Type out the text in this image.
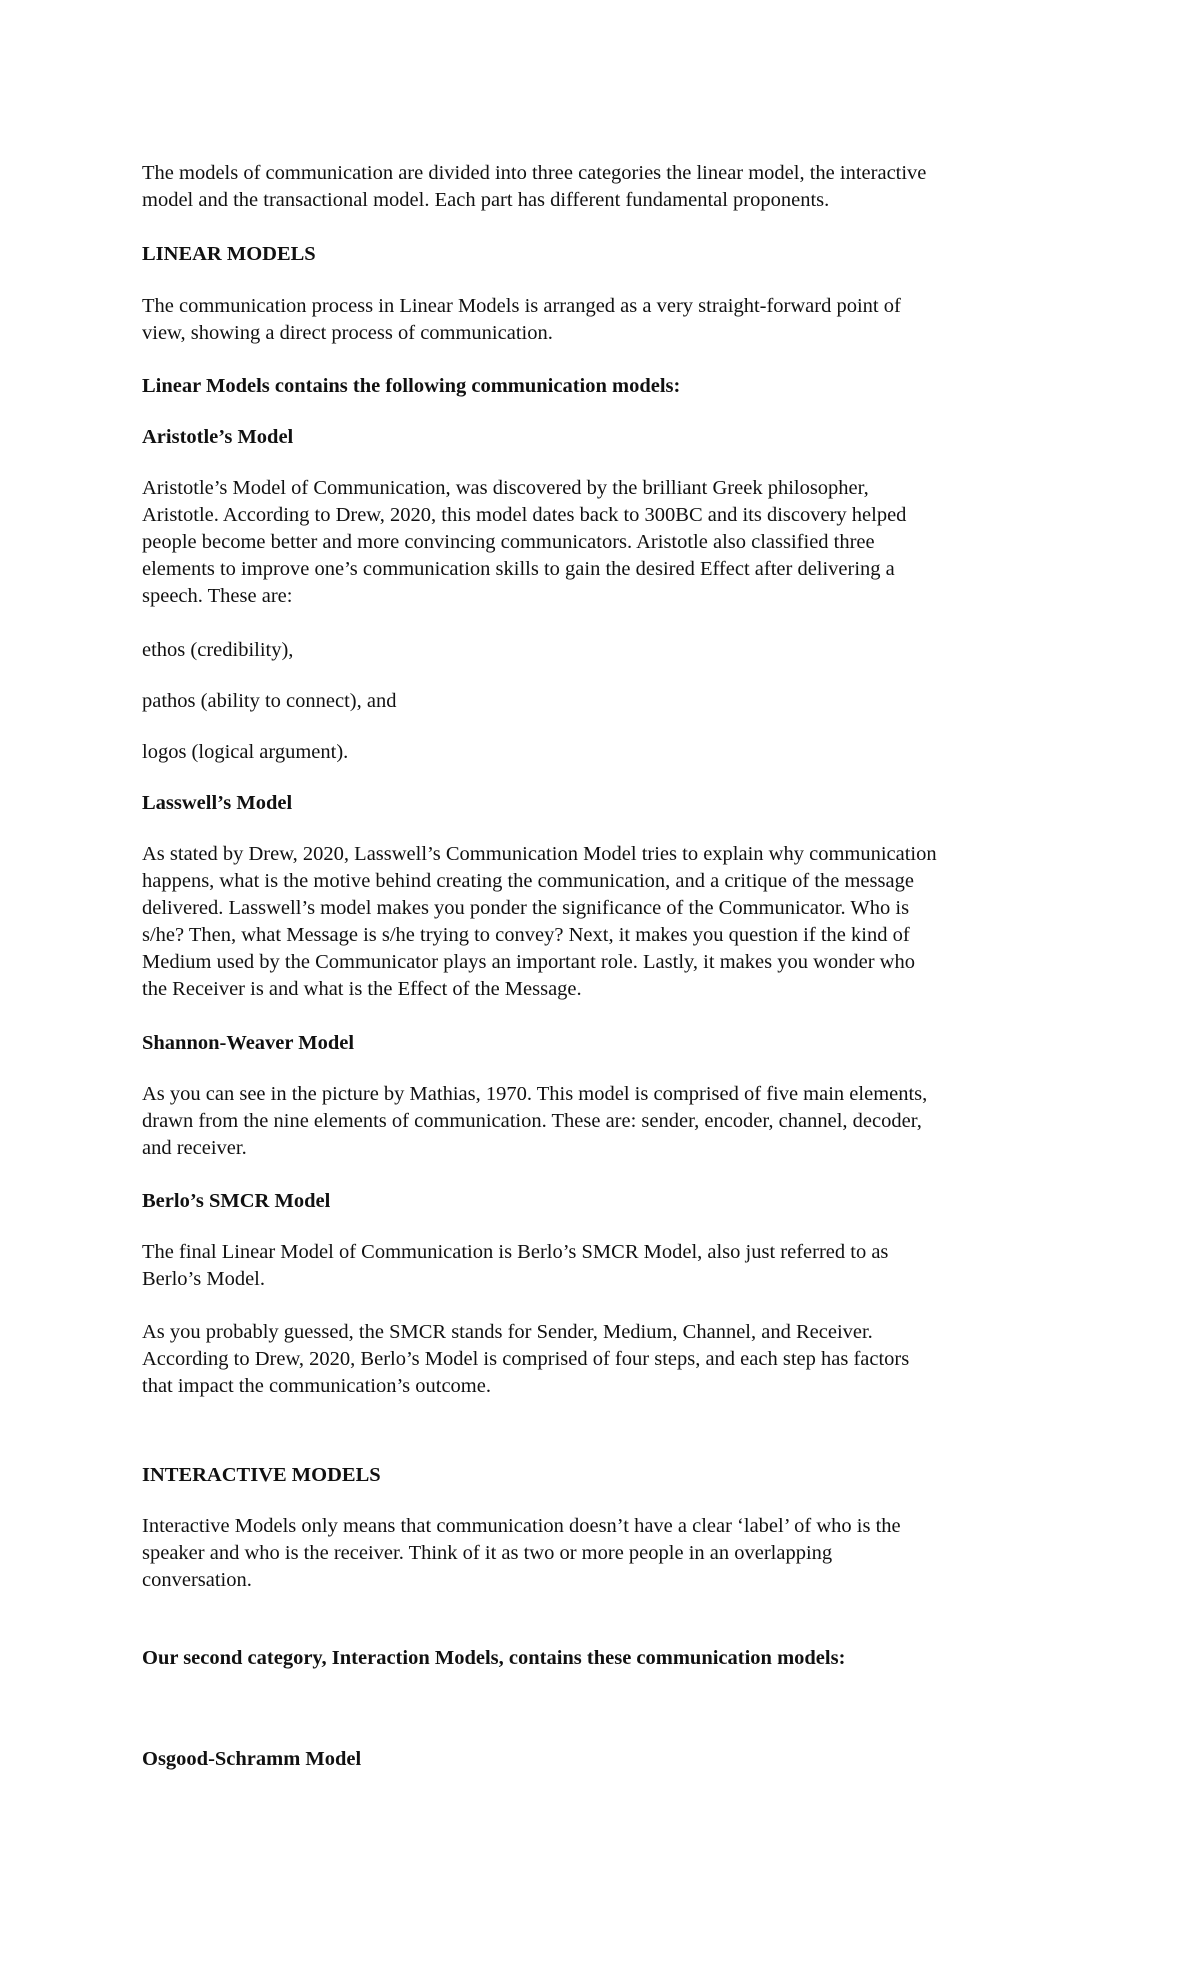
The models of communication are divided into three categories the linear model, the interactive
model and the transactional model. Each part has different fundamental proponents.

LINEAR MODELS

The communication process in Linear Models is arranged as a very straight-forward point of
view, showing a direct process of communication.

Linear Models contains the following communication models:

Aristotle’s Model

Aristotle’s Model of Communication, was discovered by the brilliant Greek philosopher,
Aristotle. According to Drew, 2020, this model dates back to 300BC and its discovery helped
people become better and more convincing communicators. Aristotle also classified three
elements to improve one’s communication skills to gain the desired Effect after delivering a
speech. These are:

ethos (credibility),

pathos (ability to connect), and

logos (logical argument).

Lasswell’s Model

As stated by Drew, 2020, Lasswell’s Communication Model tries to explain why communication
happens, what is the motive behind creating the communication, and a critique of the message
delivered. Lasswell’s model makes you ponder the significance of the Communicator. Who is
s/he? Then, what Message is s/he trying to convey? Next, it makes you question if the kind of
Medium used by the Communicator plays an important role. Lastly, it makes you wonder who
the Receiver is and what is the Effect of the Message.

Shannon-Weaver Model

As you can see in the picture by Mathias, 1970. This model is comprised of five main elements,
drawn from the nine elements of communication. These are: sender, encoder, channel, decoder,
and receiver.

Berlo’s SMCR Model

The final Linear Model of Communication is Berlo’s SMCR Model, also just referred to as
Berlo’s Model.

As you probably guessed, the SMCR stands for Sender, Medium, Channel, and Receiver.
According to Drew, 2020, Berlo’s Model is comprised of four steps, and each step has factors
that impact the communication’s outcome.

INTERACTIVE MODELS

Interactive Models only means that communication doesn’t have a clear ‘label’ of who is the
speaker and who is the receiver. Think of it as two or more people in an overlapping
conversation.

Our second category, Interaction Models, contains these communication models:

Osgood-Schramm Model
